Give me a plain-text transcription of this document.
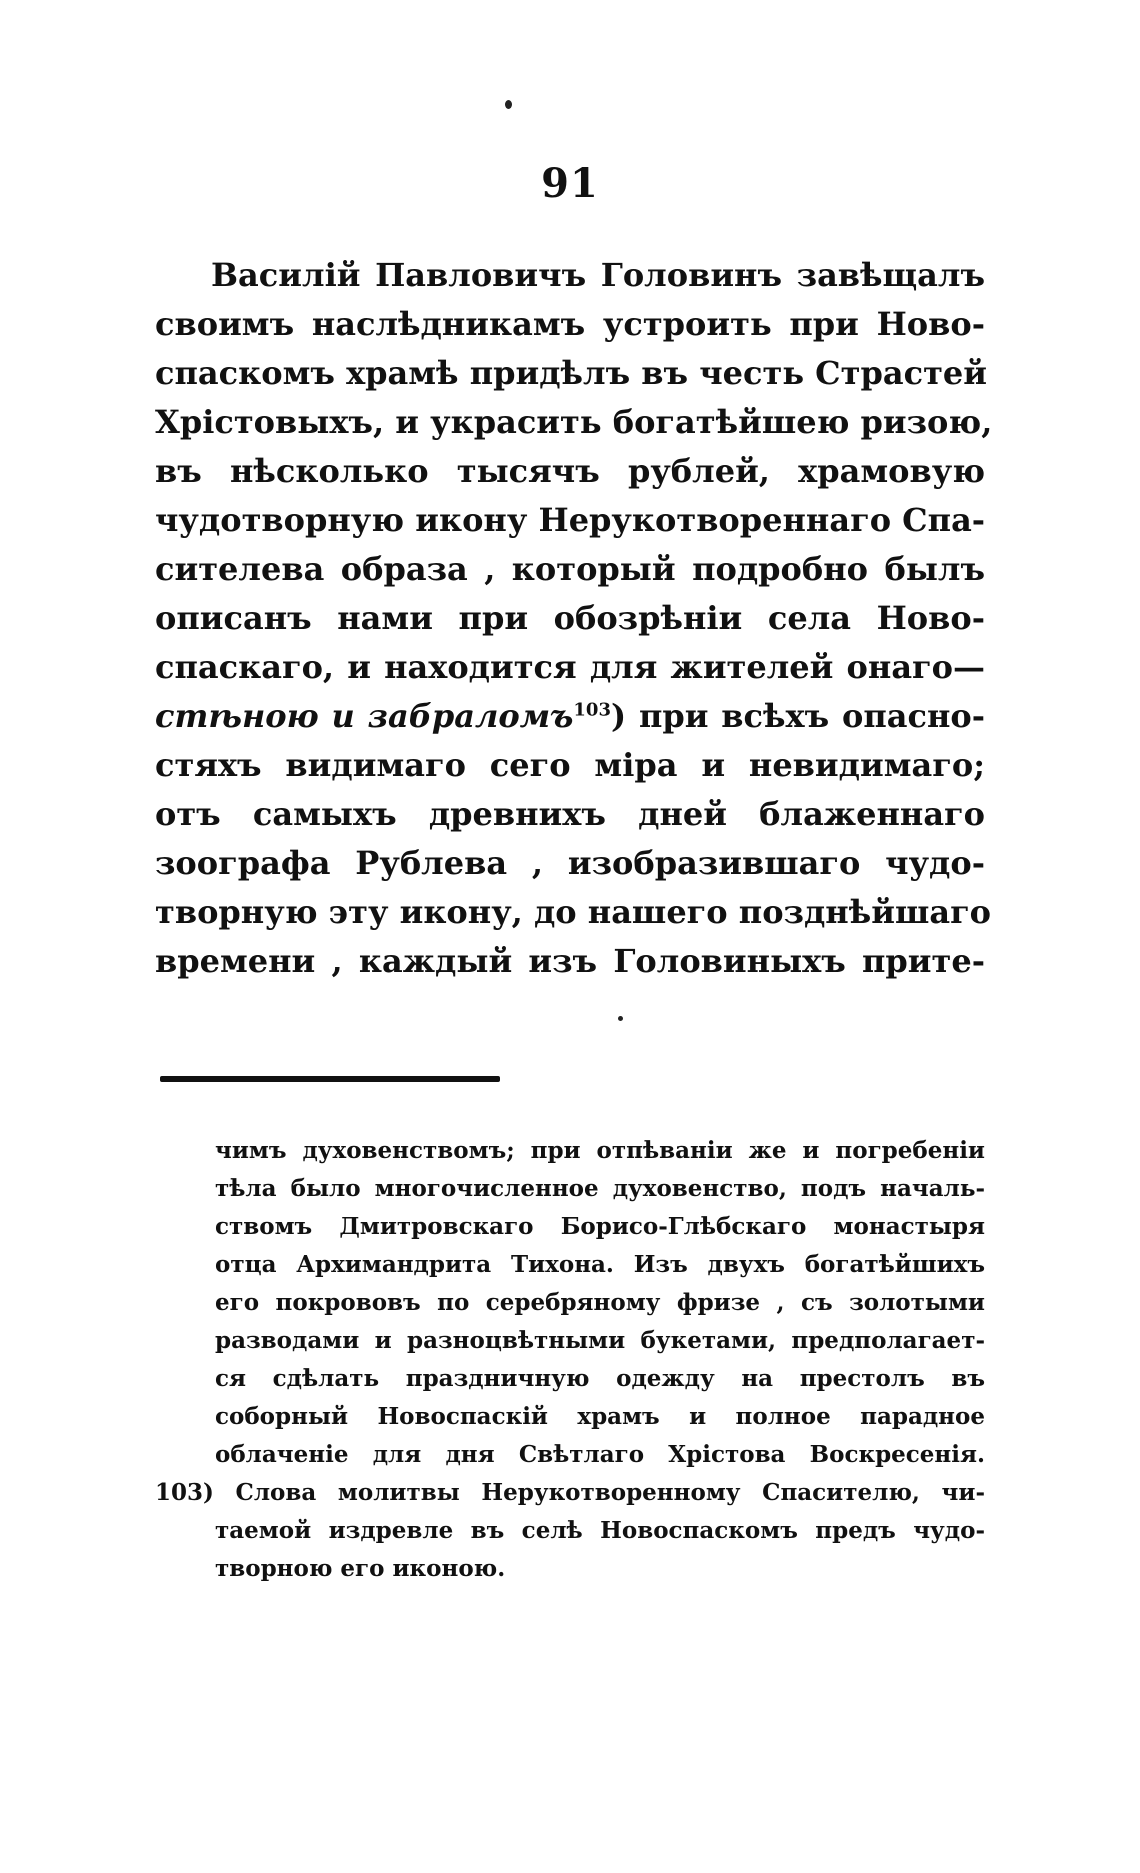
91
Василій Павловичъ Головинъ завѣщалъ
своимъ наслѣдникамъ устроить при Ново-
спаскомъ храмѣ придѣлъ въ честь Страстей
Хрістовыхъ, и украсить богатѣйшею ризою,
въ нѣсколько тысячъ рублей, храмовую
чудотворную икону Нерукотвореннаго Спа-
сителева образа , который подробно былъ
описанъ нами при обозрѣніи села Ново-
спаскаго, и находится для жителей онаго—
стѣною и забраломъ$^{103}$) при всѣхъ опасно-
стяхъ видимаго сего міра и невидимаго;
отъ самыхъ древнихъ дней блаженнаго
зоографа Рублева , изобразившаго чудо-
творную эту икону, до нашего позднѣйшаго
времени , каждый изъ Головиныхъ прите-
чимъ духовенствомъ; при отпѣваніи же и погребеніи
тѣла было многочисленное духовенство, подъ началь-
ствомъ Дмитровскаго Борисо-Глѣбскаго монастыря
отца Архимандрита Тихона. Изъ двухъ богатѣйшихъ
его покрововъ по серебряному фризе , съ золотыми
разводами и разноцвѣтными букетами, предполагает-
ся сдѣлать праздничную одежду на престолъ въ
соборный Новоспаскій храмъ и полное парадное
облаченіе для дня Свѣтлаго Хрістова Воскресенія.
103) Слова молитвы Нерукотворенному Спасителю, чи-
таемой издревле въ селѣ Новоспаскомъ предъ чудо-
творною его иконою.
